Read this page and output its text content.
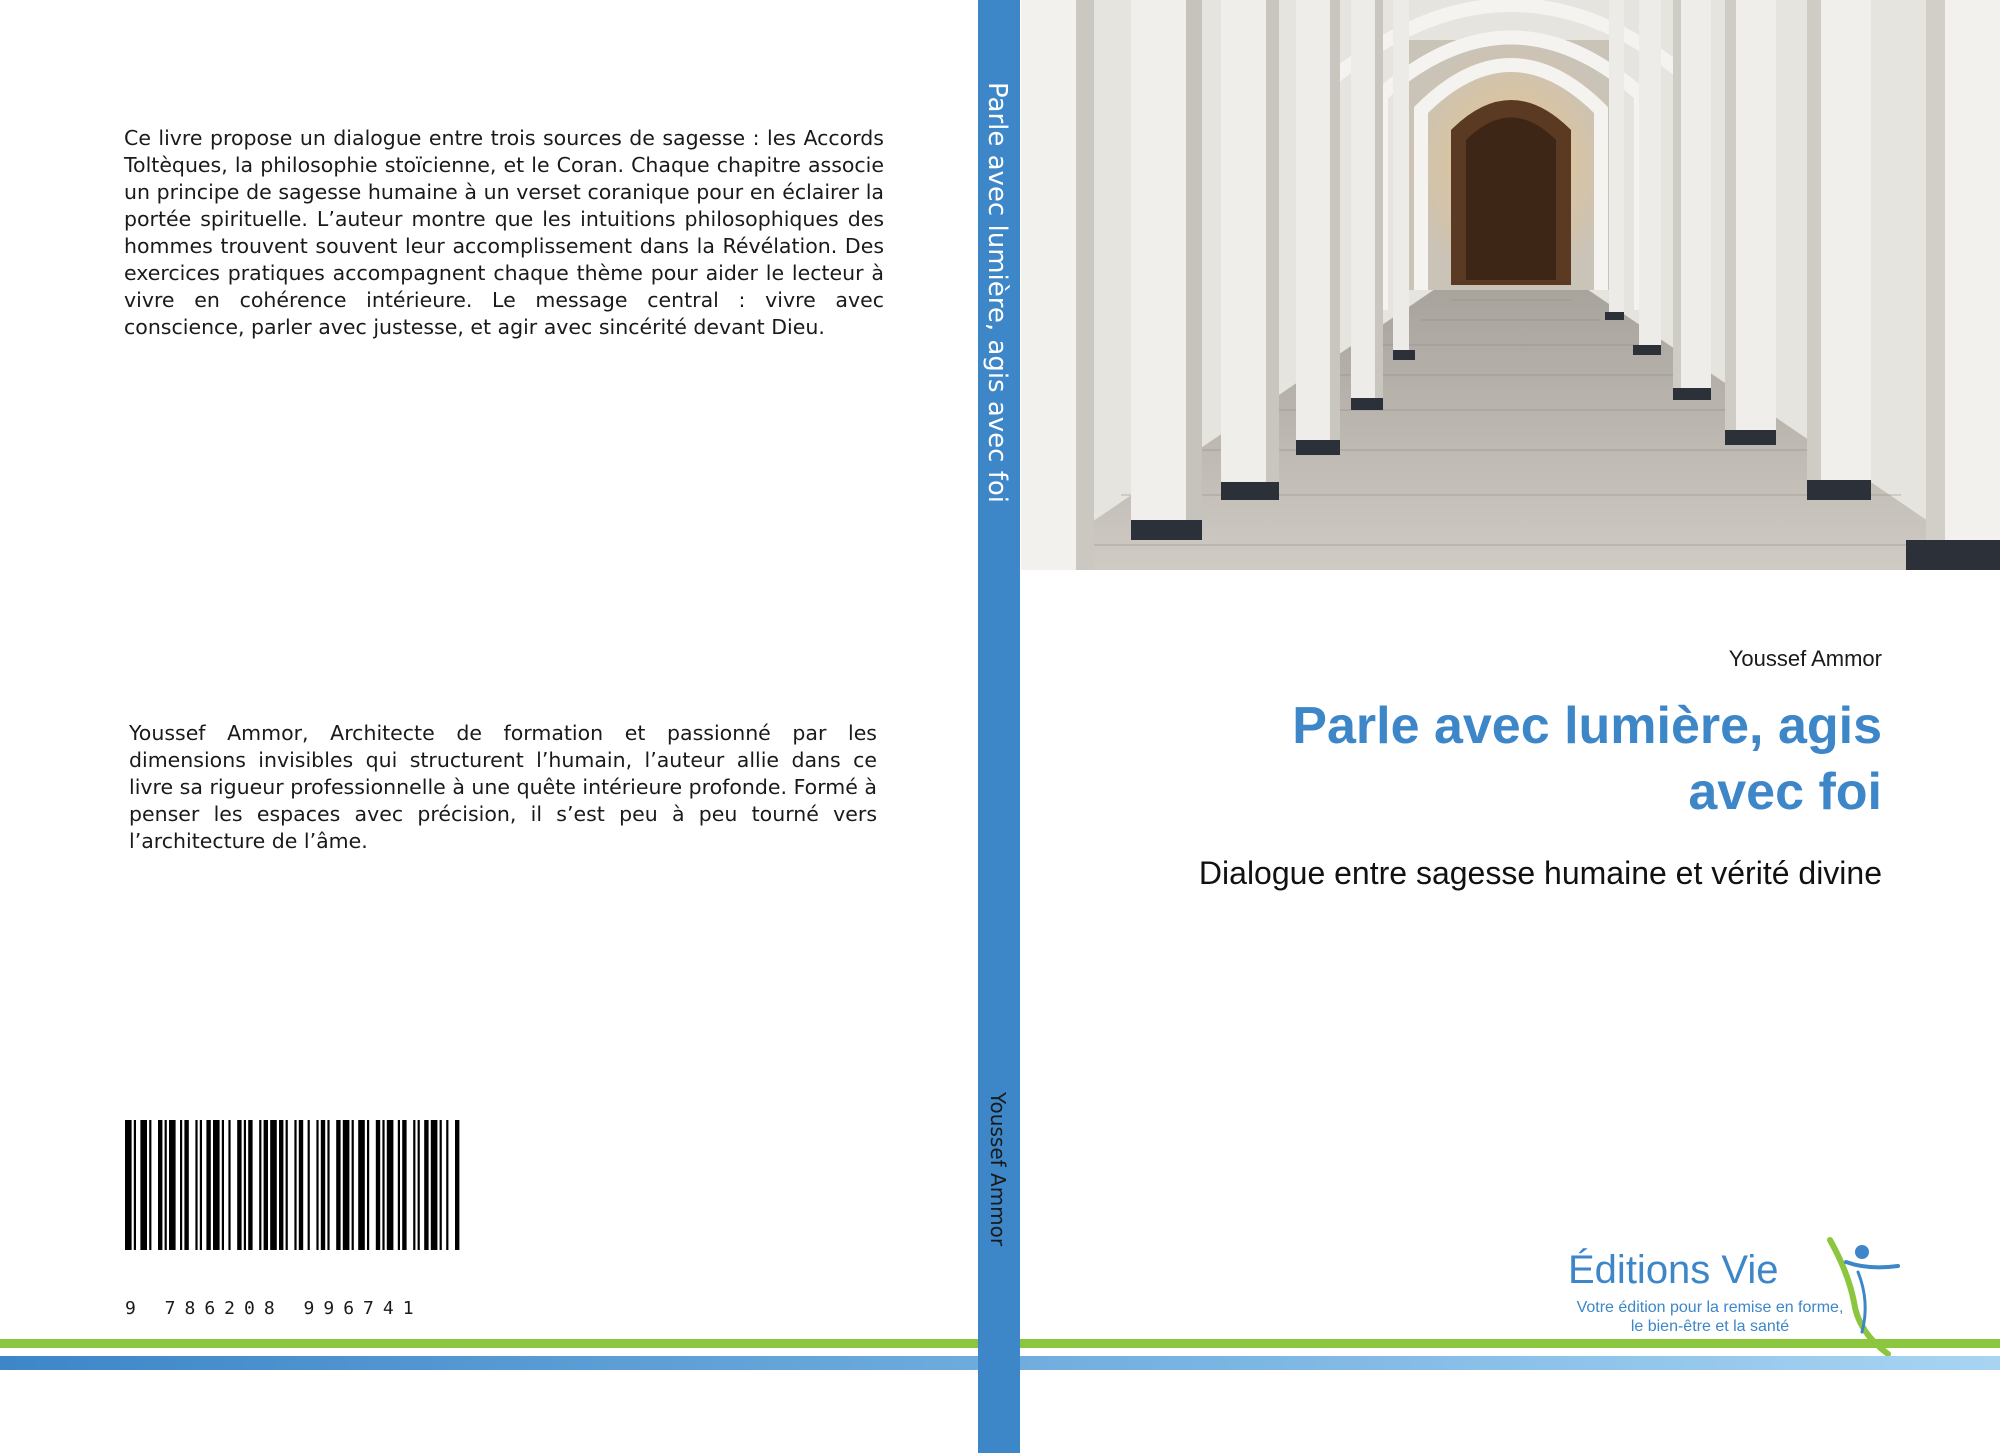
Ce livre propose un dialogue entre trois sources de sagesse : les Accords Toltèques, la philosophie stoïcienne, et le Coran. Chaque chapitre associe un principe de sagesse humaine à un verset coranique pour en éclairer la portée spirituelle. L’auteur montre que les intuitions philosophiques des hommes trouvent souvent leur accomplissement dans la Révélation. Des exercices pratiques accompagnent chaque thème pour aider le lecteur à vivre en cohérence intérieure. Le message central : vivre avec conscience, parler avec justesse, et agir avec sincérité devant Dieu.

Youssef Ammor, Architecte de formation et passionné par les dimensions invisibles qui structurent l’humain, l’auteur allie dans ce livre sa rigueur professionnelle à une quête intérieure profonde. Formé à penser les espaces avec précision, il s’est peu à peu tourné vers l’architecture de l’âme.

Parle avec lumière, agis avec foi
Youssef Ammor
Youssef Ammor
Parle avec lumière, agis avec foi
Dialogue entre sagesse humaine et vérité divine
Éditions Vie
Votre édition pour la remise en forme, le bien-être et la santé
9 786208 996741
